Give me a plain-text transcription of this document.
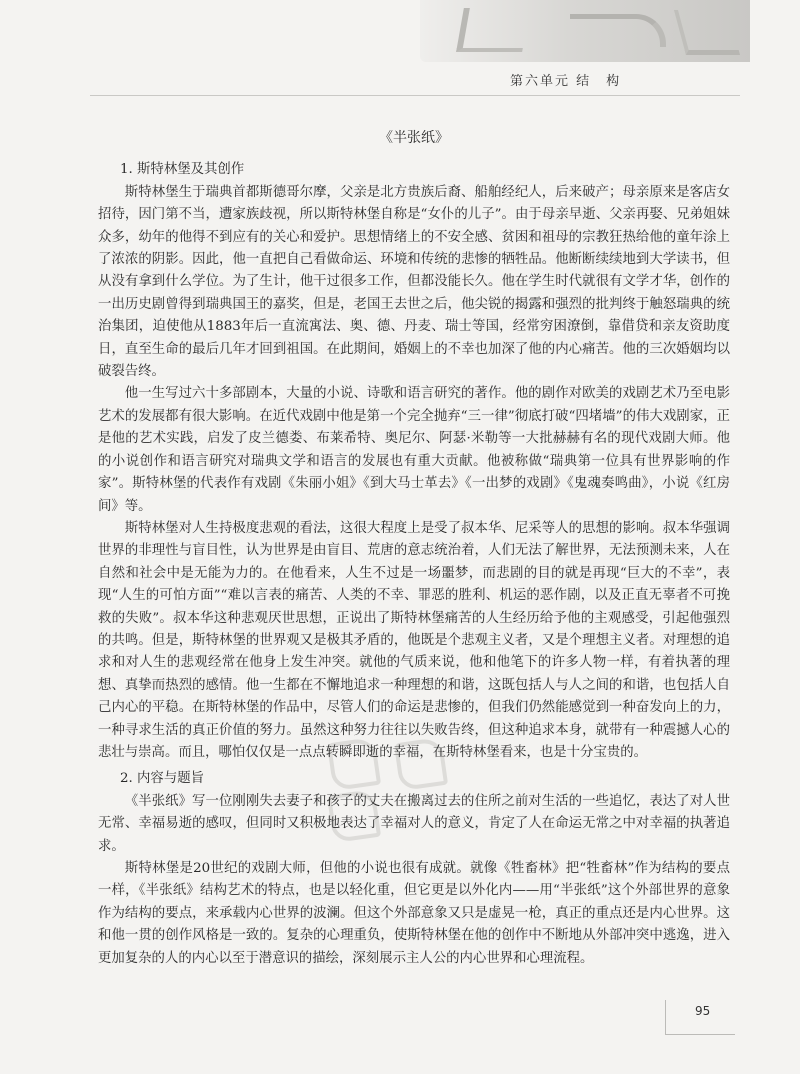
第六单元 结　构

《半张纸》
1. 斯特林堡及其创作

斯特林堡生于瑞典首都斯德哥尔摩，父亲是北方贵族后裔、船舶经纪人，后来破产；母亲原来是客店女招待，因门第不当，遭家族歧视，所以斯特林堡自称是“女仆的儿子”。由于母亲早逝、父亲再娶、兄弟姐妹众多，幼年的他得不到应有的关心和爱护。思想情绪上的不安全感、贫困和祖母的宗教狂热给他的童年涂上了浓浓的阴影。因此，他一直把自己看做命运、环境和传统的悲惨的牺牲品。他断断续续地到大学读书，但从没有拿到什么学位。为了生计，他干过很多工作，但都没能长久。他在学生时代就很有文学才华，创作的一出历史剧曾得到瑞典国王的嘉奖，但是，老国王去世之后，他尖锐的揭露和强烈的批判终于触怒瑞典的统治集团，迫使他从1883年后一直流寓法、奥、德、丹麦、瑞士等国，经常穷困潦倒，靠借贷和亲友资助度日，直至生命的最后几年才回到祖国。在此期间，婚姻上的不幸也加深了他的内心痛苦。他的三次婚姻均以破裂告终。

他一生写过六十多部剧本，大量的小说、诗歌和语言研究的著作。他的剧作对欧美的戏剧艺术乃至电影艺术的发展都有很大影响。在近代戏剧中他是第一个完全抛弃“三一律”彻底打破“四堵墙”的伟大戏剧家，正是他的艺术实践，启发了皮兰德娄、布莱希特、奥尼尔、阿瑟·米勒等一大批赫赫有名的现代戏剧大师。他的小说创作和语言研究对瑞典文学和语言的发展也有重大贡献。他被称做“瑞典第一位具有世界影响的作家”。斯特林堡的代表作有戏剧《朱丽小姐》《到大马士革去》《一出梦的戏剧》《鬼魂奏鸣曲》，小说《红房间》等。

斯特林堡对人生持极度悲观的看法，这很大程度上是受了叔本华、尼采等人的思想的影响。叔本华强调世界的非理性与盲目性，认为世界是由盲目、荒唐的意志统治着，人们无法了解世界，无法预测未来，人在自然和社会中是无能为力的。在他看来，人生不过是一场噩梦，而悲剧的目的就是再现“巨大的不幸”，表现“人生的可怕方面”“难以言表的痛苦、人类的不幸、罪恶的胜利、机运的恶作剧，以及正直无辜者不可挽救的失败”。叔本华这种悲观厌世思想，正说出了斯特林堡痛苦的人生经历给予他的主观感受，引起他强烈的共鸣。但是，斯特林堡的世界观又是极其矛盾的，他既是个悲观主义者，又是个理想主义者。对理想的追求和对人生的悲观经常在他身上发生冲突。就他的气质来说，他和他笔下的许多人物一样，有着执著的理想、真挚而热烈的感情。他一生都在不懈地追求一种理想的和谐，这既包括人与人之间的和谐，也包括人自己内心的平稳。在斯特林堡的作品中，尽管人们的命运是悲惨的，但我们仍然能感觉到一种奋发向上的力，一种寻求生活的真正价值的努力。虽然这种努力往往以失败告终，但这种追求本身，就带有一种震撼人心的悲壮与崇高。而且，哪怕仅仅是一点点转瞬即逝的幸福，在斯特林堡看来，也是十分宝贵的。

2. 内容与题旨

《半张纸》写一位刚刚失去妻子和孩子的丈夫在搬离过去的住所之前对生活的一些追忆，表达了对人世无常、幸福易逝的感叹，但同时又积极地表达了幸福对人的意义，肯定了人在命运无常之中对幸福的执著追求。

斯特林堡是20世纪的戏剧大师，但他的小说也很有成就。就像《牲畜林》把“牲畜林”作为结构的要点一样，《半张纸》结构艺术的特点，也是以轻化重，但它更是以外化内——用“半张纸”这个外部世界的意象作为结构的要点，来承载内心世界的波澜。但这个外部意象又只是虚晃一枪，真正的重点还是内心世界。这和他一贯的创作风格是一致的。复杂的心理重负，使斯特林堡在他的创作中不断地从外部冲突中逃逸，进入更加复杂的人的内心以至于潜意识的描绘，深刻展示主人公的内心世界和心理流程。

95
